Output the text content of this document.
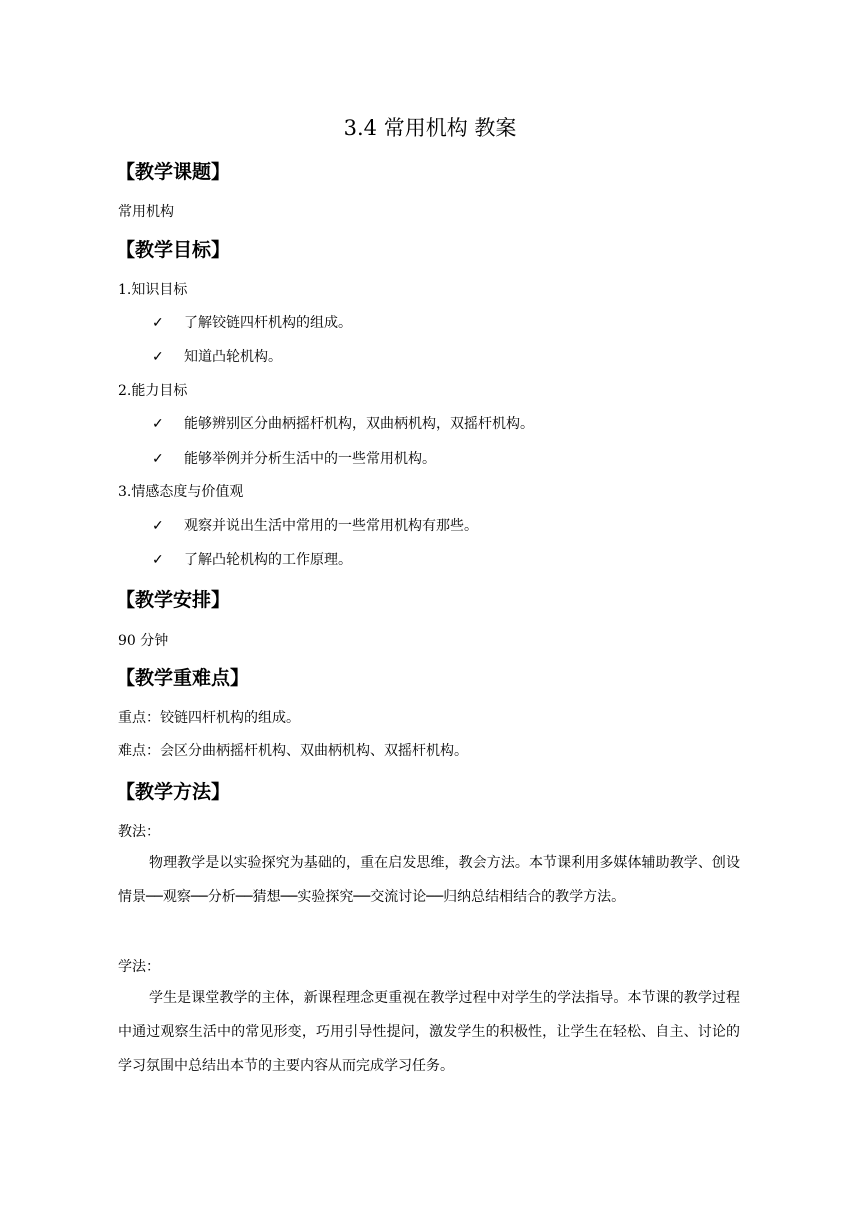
3.4 常用机构 教案
【教学课题】
常用机构
【教学目标】
1.知识目标
✓ 了解铰链四杆机构的组成。
✓ 知道凸轮机构。
2.能力目标
✓ 能够辨别区分曲柄摇杆机构，双曲柄机构，双摇杆机构。
✓ 能够举例并分析生活中的一些常用机构。
3.情感态度与价值观
✓ 观察并说出生活中常用的一些常用机构有那些。
✓ 了解凸轮机构的工作原理。
【教学安排】
90 分钟
【教学重难点】
重点：铰链四杆机构的组成。
难点：会区分曲柄摇杆机构、双曲柄机构、双摇杆机构。
【教学方法】
教法：
物理教学是以实验探究为基础的，重在启发思维，教会方法。本节课利用多媒体辅助教学、创设情景──观察──分析──猜想──实验探究──交流讨论──归纳总结相结合的教学方法。
学法：
学生是课堂教学的主体，新课程理念更重视在教学过程中对学生的学法指导。本节课的教学过程中通过观察生活中的常见形变，巧用引导性提问，激发学生的积极性，让学生在轻松、自主、讨论的学习氛围中总结出本节的主要内容从而完成学习任务。
